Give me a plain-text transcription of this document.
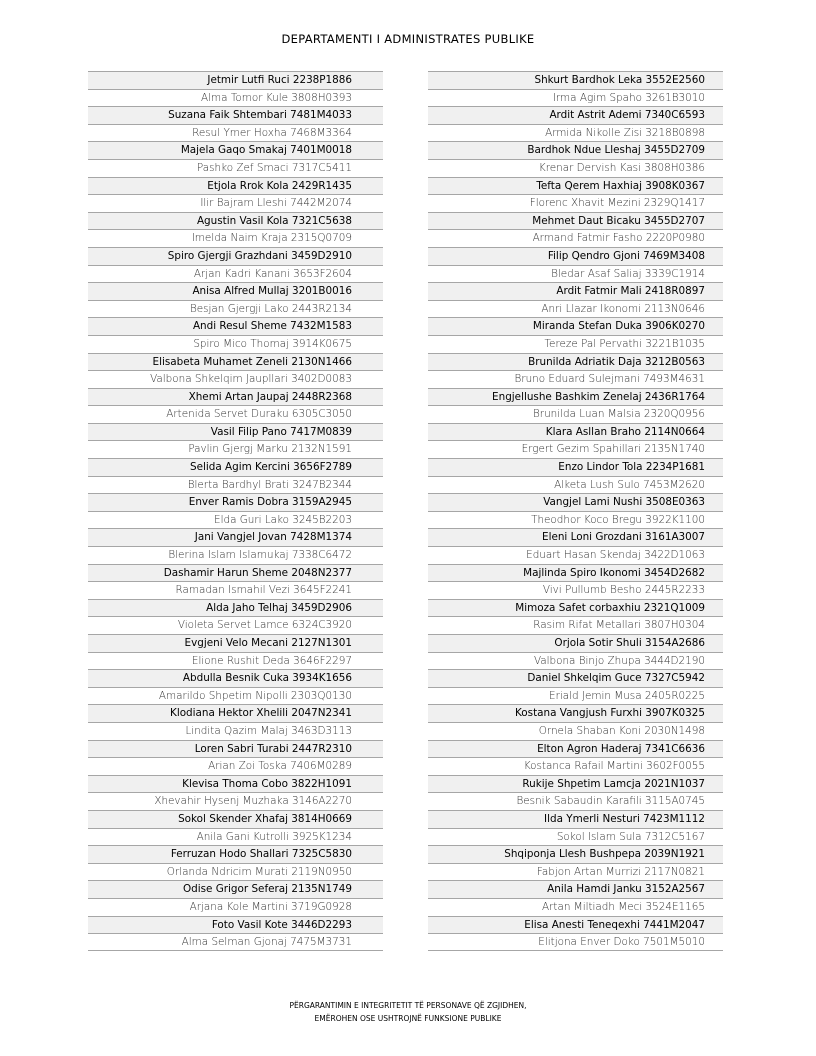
DEPARTAMENTI I ADMINISTRATES PUBLIKE
Jetmir Lutfi Ruci 2238P1886
Alma Tomor Kule 3808H0393
Suzana Faik Shtembari 7481M4033
Resul Ymer Hoxha 7468M3364
Majela Gaqo Smakaj 7401M0018
Pashko Zef Smaci 7317C5411
Etjola Rrok Kola 2429R1435
Ilir Bajram Lleshi 7442M2074
Agustin Vasil Kola 7321C5638
Imelda Naim Kraja 2315Q0709
Spiro Gjergji Grazhdani 3459D2910
Arjan Kadri Kanani 3653F2604
Anisa Alfred Mullaj 3201B0016
Besjan Gjergji Lako 2443R2134
Andi Resul Sheme 7432M1583
Spiro Mico Thomaj 3914K0675
Elisabeta Muhamet Zeneli 2130N1466
Valbona Shkelqim Jaupllari 3402D0083
Xhemi Artan Jaupaj 2448R2368
Artenida Servet Duraku 6305C3050
Vasil Filip Pano 7417M0839
Pavlin Gjergj Marku 2132N1591
Selida Agim Kercini 3656F2789
Blerta Bardhyl Brati 3247B2344
Enver Ramis Dobra 3159A2945
Elda Guri Lako 3245B2203
Jani Vangjel Jovan 7428M1374
Blerina Islam Islamukaj 7338C6472
Dashamir Harun Sheme 2048N2377
Ramadan Ismahil Vezi 3645F2241
Alda Jaho Telhaj 3459D2906
Violeta Servet Lamce 6324C3920
Evgjeni Velo Mecani 2127N1301
Elione Rushit Deda 3646F2297
Abdulla Besnik Cuka 3934K1656
Amarildo Shpetim Nipolli 2303Q0130
Klodiana Hektor Xhelili 2047N2341
Lindita Qazim Malaj 3463D3113
Loren Sabri Turabi 2447R2310
Arian Zoi Toska 7406M0289
Klevisa Thoma Cobo 3822H1091
Xhevahir Hysenj Muzhaka 3146A2270
Sokol Skender Xhafaj 3814H0669
Anila Gani Kutrolli 3925K1234
Ferruzan Hodo Shallari 7325C5830
Orlanda Ndricim Murati 2119N0950
Odise Grigor Seferaj 2135N1749
Arjana Kole Martini 3719G0928
Foto Vasil Kote 3446D2293
Alma Selman Gjonaj 7475M3731
Shkurt Bardhok Leka 3552E2560
Irma Agim Spaho 3261B3010
Ardit Astrit Ademi 7340C6593
Armida Nikolle Zisi 3218B0898
Bardhok Ndue Lleshaj 3455D2709
Krenar Dervish Kasi 3808H0386
Tefta Qerem Haxhiaj 3908K0367
Florenc Xhavit Mezini 2329Q1417
Mehmet Daut Bicaku 3455D2707
Armand Fatmir Fasho 2220P0980
Filip Qendro Gjoni 7469M3408
Bledar Asaf Saliaj 3339C1914
Ardit Fatmir Mali 2418R0897
Anri Llazar Ikonomi 2113N0646
Miranda Stefan Duka 3906K0270
Tereze Pal Pervathi 3221B1035
Brunilda Adriatik Daja 3212B0563
Bruno Eduard Sulejmani 7493M4631
Engjellushe Bashkim Zenelaj 2436R1764
Brunilda Luan Malsia 2320Q0956
Klara Asllan Braho 2114N0664
Ergert Gezim Spahillari 2135N1740
Enzo Lindor Tola 2234P1681
Alketa Lush Sulo 7453M2620
Vangjel Lami Nushi 3508E0363
Theodhor Koco Bregu 3922K1100
Eleni Loni Grozdani 3161A3007
Eduart Hasan Skendaj 3422D1063
Majlinda Spiro Ikonomi 3454D2682
Vivi Pullumb Besho 2445R2233
Mimoza Safet corbaxhiu 2321Q1009
Rasim Rifat Metallari 3807H0304
Orjola Sotir Shuli 3154A2686
Valbona Binjo Zhupa 3444D2190
Daniel Shkelqim Guce 7327C5942
Eriald Jemin Musa 2405R0225
Kostana Vangjush Furxhi 3907K0325
Ornela Shaban Koni 2030N1498
Elton Agron Haderaj 7341C6636
Kostanca Rafail Martini 3602F0055
Rukije Shpetim Lamcja 2021N1037
Besnik Sabaudin Karafili 3115A0745
Ilda Ymerli Nesturi 7423M1112
Sokol Islam Sula 7312C5167
Shqiponja Llesh Bushpepa 2039N1921
Fabjon Artan Murrizi 2117N0821
Anila Hamdi Janku 3152A2567
Artan Miltiadh Meci 3524E1165
Elisa Anesti Teneqexhi 7441M2047
Elitjona Enver Doko 7501M5010
PËRGARANTIMIN E INTEGRITETIT TË PERSONAVE QË ZGJIDHEN,
EMËROHEN OSE USHTROJNË FUNKSIONE PUBLIKE
